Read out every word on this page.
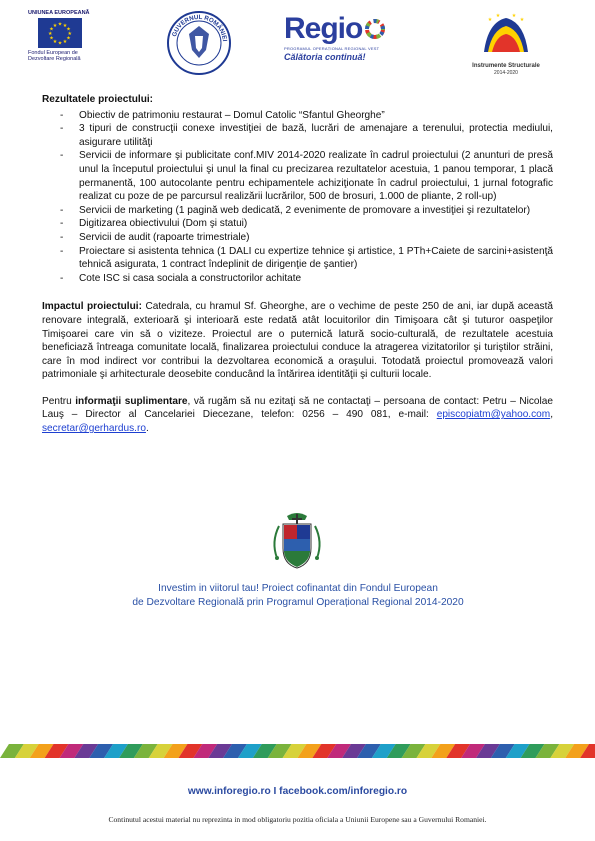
UNIUNEA EUROPEANĂ
★ ★
★
★
★
★
★
★
★
★
★
★
Fondul European de
Dezvoltare Regională
GUVERNUL ROMÂNIEI Regio
PROGRAMUL OPERAȚIONAL REGIONAL VEST
Călătoria continuă!
★
★ ★
★
Instrumente Structurale
2014-2020

Rezultatele proiectului:

- Obiectiv de patrimoniu restaurat – Domul Catolic “Sfantul Gheorghe”
- 3 tipuri de construcţii conexe investiţiei de bază, lucrări de amenajare a terenului, protectia mediului, asigurare utilităţi
- Servicii de informare şi publicitate conf.MIV 2014-2020 realizate în cadrul proiectului (2 anunturi de presă unul la începutul proiectului şi unul la final cu precizarea rezultatelor acestuia, 1 panou temporar, 1 placă permanentă, 100 autocolante pentru echipamentele achiziţionate în cadrul proiectului, 1 jurnal fotografic realizat cu poze de pe parcursul realizării lucrărilor, 500 de brosuri, 1.000 de pliante, 2 roll-up)
- Servicii de marketing (1 pagină web dedicată, 2 evenimente de promovare a investiţiei şi rezultatelor)
- Digitizarea obiectivului (Dom şi statui)
- Servicii de audit (rapoarte trimestriale)
- Proiectare si asistenta tehnica (1 DALI cu expertize tehnice şi artistice, 1 PTh+Caiete de sarcini+asistenţă tehnică asigurata, 1 contract îndeplinit de dirigenţie de şantier)
- Cote ISC si casa sociala a constructorilor achitate

Impactul proiectului: Catedrala, cu hramul Sf. Gheorghe, are o vechime de peste 250 de ani, iar după această renovare integrală, exterioară şi interioară este redată atât locuitorilor din Timişoara cât şi tuturor oaspeţilor Timişoarei care vin să o viziteze. Proiectul are o puternică latură socio-culturală, de rezultatele acestuia beneficiază întreaga comunitate locală, finalizarea proiectului conduce la atragerea vizitatorilor şi turiştilor străini, care în mod indirect vor contribui la dezvoltarea economică a oraşului. Totodată proiectul promovează valori patrimoniale şi arhitecturale deosebite conducând la întărirea identităţii şi culturii locale.

Pentru informaţii suplimentare, vă rugăm să nu ezitaţi să ne contactaţi – persoana de contact: Petru – Nicolae Lauş – Director al Cancelariei Diecezane, telefon: 0256 – 490 081, e-mail: episcopiatm@yahoo.com, secretar@gerhardus.ro.

Investim in viitorul tau! Proiect cofinantat din Fondul European
de Dezvoltare Regională prin Programul Operațional Regional 2014-2020
www.inforegio.ro I facebook.com/inforegio.ro
Continutul acestui material nu reprezinta in mod obligatoriu pozitia oficiala a Uniunii Europene sau a Guvernului Romaniei.
